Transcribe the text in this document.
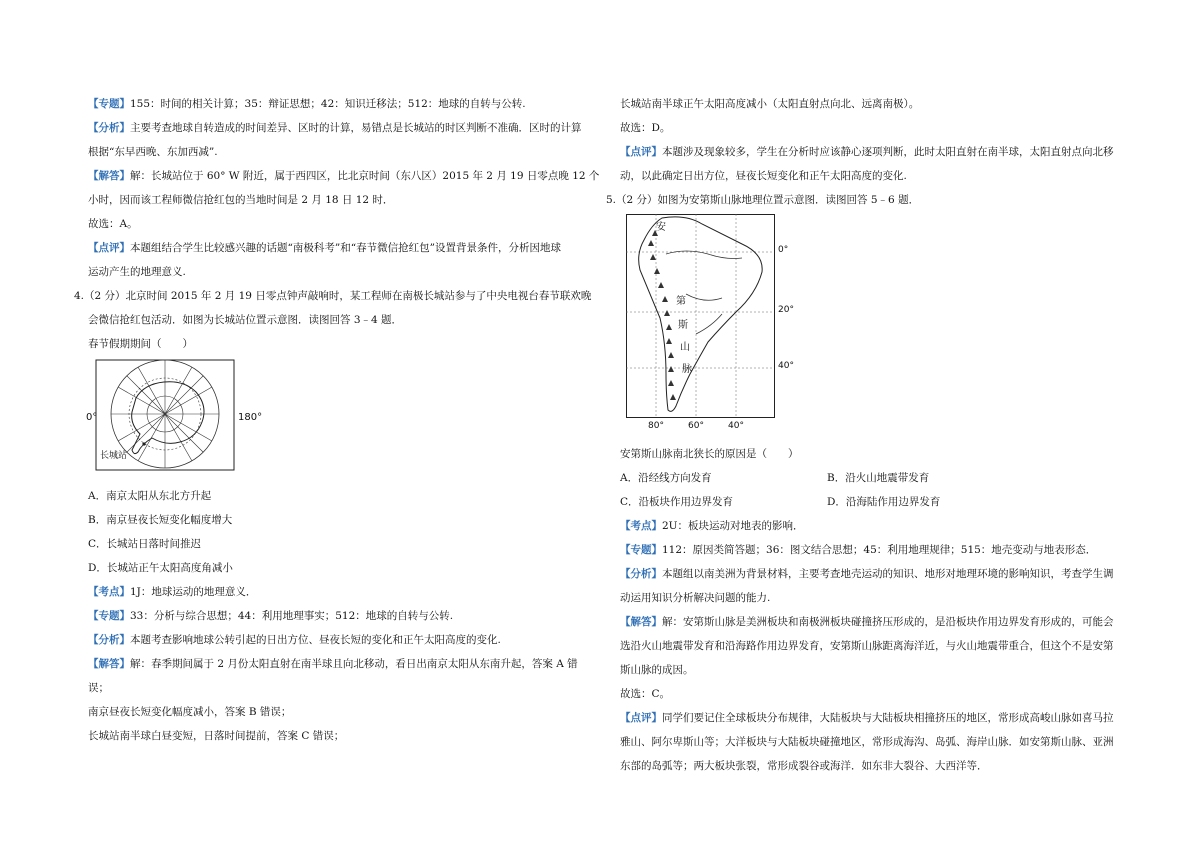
【专题】155：时间的相关计算；35：辩证思想；42：知识迁移法；512：地球的自转与公转.
【分析】主要考查地球自转造成的时间差异、区时的计算，易错点是长城站的时区判断不准确．区时的计算
根据“东早西晚、东加西减”.
【解答】解：长城站位于 60° W 附近，属于西四区，比北京时间（东八区）2015 年 2 月 19 日零点晚 12 个
小时，因而该工程师微信抢红包的当地时间是 2 月 18 日 12 时．
故选：A。
【点评】本题组结合学生比较感兴趣的话题“南极科考”和“春节微信抢红包”设置背景条件，分析因地球
运动产生的地理意义.
4.（2 分）北京时间 2015 年 2 月 19 日零点钟声敲响时，某工程师在南极长城站参与了中央电视台春节联欢晚
会微信抢红包活动．如图为长城站位置示意图．读图回答 3﹣4 题．
春节假期期间（　　）
0°	180°
长城站
A．南京太阳从东北方升起
B．南京昼夜长短变化幅度增大
C．长城站日落时间推迟
D．长城站正午太阳高度角减小
【考点】1J：地球运动的地理意义．
【专题】33：分析与综合思想；44：利用地理事实；512：地球的自转与公转.
【分析】本题考查影响地球公转引起的日出方位、昼夜长短的变化和正午太阳高度的变化.
【解答】解：春季期间属于 2 月份太阳直射在南半球且向北移动，看日出南京太阳从东南升起，答案 A 错
误；
南京昼夜长短变化幅度减小，答案 B 错误；
长城站南半球白昼变短，日落时间提前，答案 C 错误；
长城站南半球正午太阳高度减小（太阳直射点向北、远离南极）。
故选：D。
【点评】本题涉及现象较多，学生在分析时应该静心逐项判断，此时太阳直射在南半球，太阳直射点向北移
动，以此确定日出方位，昼夜长短变化和正午太阳高度的变化.
5.（2 分）如图为安第斯山脉地理位置示意图．读图回答 5﹣6 题．
安
第
斯
山
脉
0°
20°
40°
80°	60°	40°
安第斯山脉南北狭长的原因是（　　）
A．沿经线方向发育	B．沿火山地震带发育
C．沿板块作用边界发育	D．沿海陆作用边界发育
【考点】2U：板块运动对地表的影响．
【专题】112：原因类简答题；36：图文结合思想；45：利用地理规律；515：地壳变动与地表形态．
【分析】本题组以南美洲为背景材料，主要考查地壳运动的知识、地形对地理环境的影响知识，考查学生调
动运用知识分析解决问题的能力.
【解答】解：安第斯山脉是美洲板块和南极洲板块碰撞挤压形成的，是沿板块作用边界发育形成的，可能会
选沿火山地震带发育和沿海路作用边界发育，安第斯山脉距离海洋近，与火山地震带重合，但这个不是安第
斯山脉的成因。
故选：C。
【点评】同学们要记住全球板块分布规律，大陆板块与大陆板块相撞挤压的地区，常形成高峻山脉如喜马拉
雅山、阿尔卑斯山等；大洋板块与大陆板块碰撞地区，常形成海沟、岛弧、海岸山脉．如安第斯山脉、亚洲
东部的岛弧等；两大板块张裂，常形成裂谷或海洋．如东非大裂谷、大西洋等．
